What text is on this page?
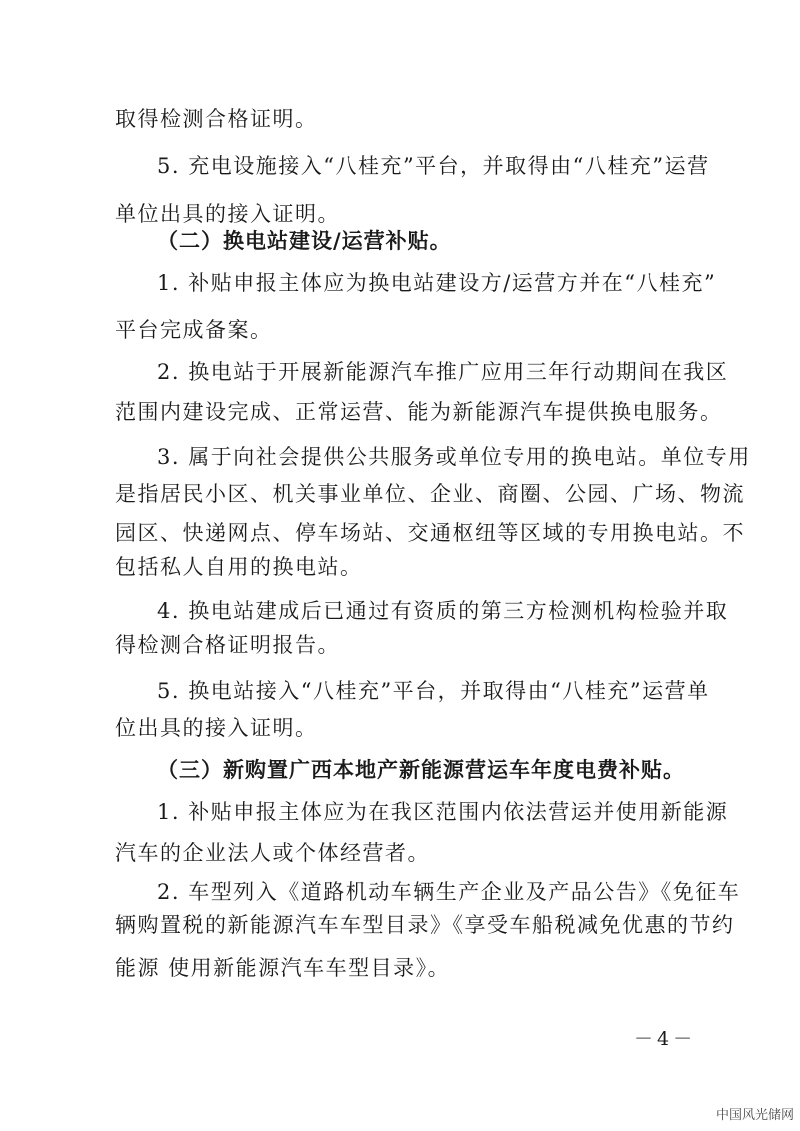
取得检测合格证明。
5. 充电设施接入“八桂充”平台，并取得由“八桂充”运营
单位出具的接入证明。
（二）换电站建设/运营补贴。
1. 补贴申报主体应为换电站建设方/运营方并在“八桂充”
平台完成备案。
2. 换电站于开展新能源汽车推广应用三年行动期间在我区
范围内建设完成、正常运营、能为新能源汽车提供换电服务。
3. 属于向社会提供公共服务或单位专用的换电站。单位专用
是指居民小区、机关事业单位、企业、商圈、公园、广场、物流
园区、快递网点、停车场站、交通枢纽等区域的专用换电站。不
包括私人自用的换电站。
4. 换电站建成后已通过有资质的第三方检测机构检验并取
得检测合格证明报告。
5. 换电站接入“八桂充”平台，并取得由“八桂充”运营单
位出具的接入证明。
（三）新购置广西本地产新能源营运车年度电费补贴。
1. 补贴申报主体应为在我区范围内依法营运并使用新能源
汽车的企业法人或个体经营者。
2. 车型列入《道路机动车辆生产企业及产品公告》《免征车
辆购置税的新能源汽车车型目录》《享受车船税减免优惠的节约
能源 使用新能源汽车车型目录》。
－4－
中国风光储网
